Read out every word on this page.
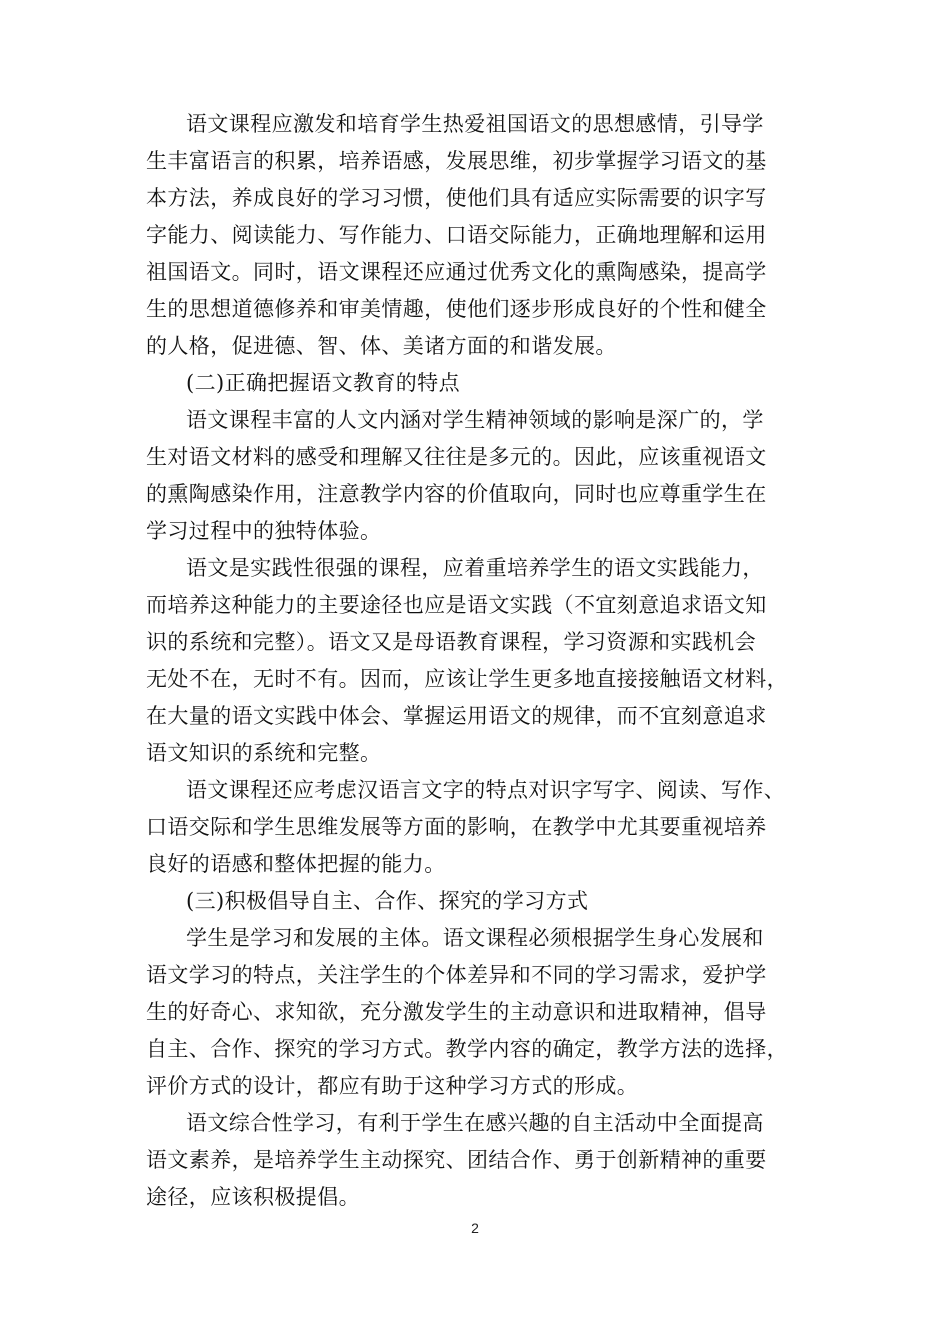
语文课程应激发和培育学生热爱祖国语文的思想感情，引导学
生丰富语言的积累，培养语感，发展思维，初步掌握学习语文的基
本方法，养成良好的学习习惯，使他们具有适应实际需要的识字写
字能力、阅读能力、写作能力、口语交际能力，正确地理解和运用
祖国语文。同时，语文课程还应通过优秀文化的熏陶感染，提高学
生的思想道德修养和审美情趣，使他们逐步形成良好的个性和健全
的人格，促进德、智、体、美诸方面的和谐发展。
(二)正确把握语文教育的特点
语文课程丰富的人文内涵对学生精神领域的影响是深广的，学
生对语文材料的感受和理解又往往是多元的。因此，应该重视语文
的熏陶感染作用，注意教学内容的价值取向，同时也应尊重学生在
学习过程中的独特体验。
语文是实践性很强的课程，应着重培养学生的语文实践能力，
而培养这种能力的主要途径也应是语文实践（不宜刻意追求语文知
识的系统和完整）。语文又是母语教育课程，学习资源和实践机会
无处不在，无时不有。因而，应该让学生更多地直接接触语文材料，
在大量的语文实践中体会、掌握运用语文的规律，而不宜刻意追求
语文知识的系统和完整。
语文课程还应考虑汉语言文字的特点对识字写字、阅读、写作、
口语交际和学生思维发展等方面的影响，在教学中尤其要重视培养
良好的语感和整体把握的能力。
(三)积极倡导自主、合作、探究的学习方式
学生是学习和发展的主体。语文课程必须根据学生身心发展和
语文学习的特点，关注学生的个体差异和不同的学习需求，爱护学
生的好奇心、求知欲，充分激发学生的主动意识和进取精神，倡导
自主、合作、探究的学习方式。教学内容的确定，教学方法的选择，
评价方式的设计，都应有助于这种学习方式的形成。
语文综合性学习，有利于学生在感兴趣的自主活动中全面提高
语文素养，是培养学生主动探究、团结合作、勇于创新精神的重要
途径，应该积极提倡。
2
